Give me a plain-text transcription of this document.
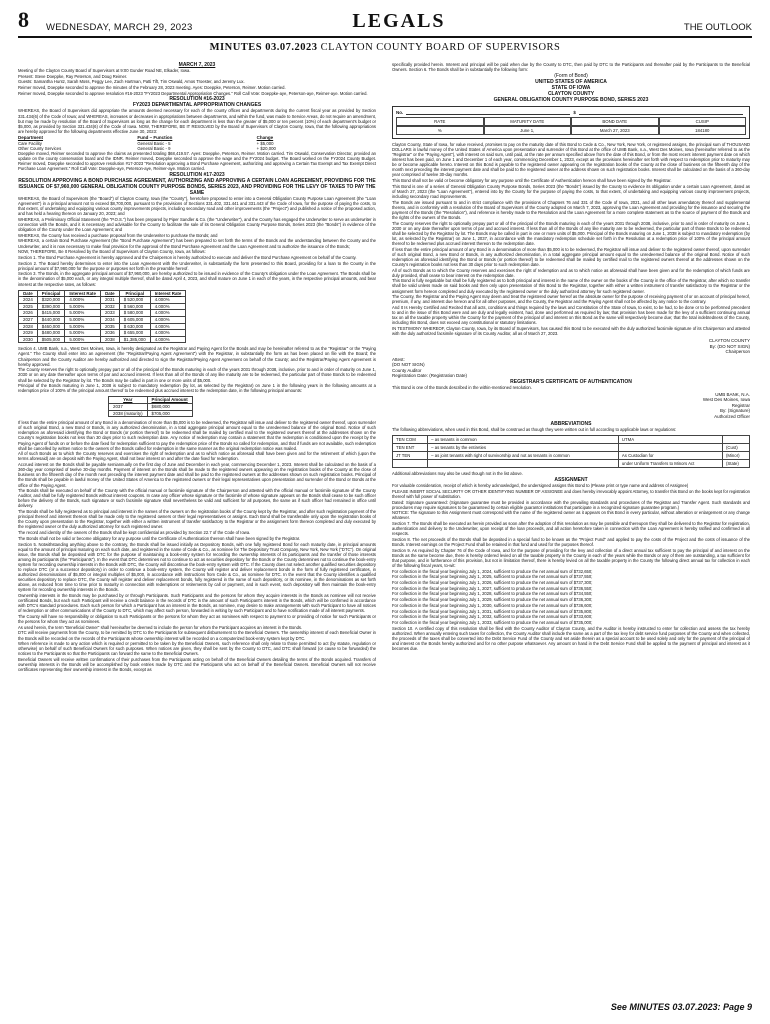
8	WEDNESDAY, MARCH 29, 2023	LEGALS	THE OUTLOOK
MINUTES 03.07.2023 CLAYTON COUNTY BOARD OF SUPERVISORS
MARCH 7, 2023

Meeting of the Clayton County Board of Supervisors at 9:00 Gunder Road NE, Elkader, Iowa.

Present: Steve Doeppke, Ray Peterson, and Doug Reimer.

Guests: Samantha Huntz, Sarah Moss, Peggy Lee, Zach Hartman, Patti Tift, Tim Oswald, Amos Troester, and Jeremy Lux.

Reimer moved, Doeppke seconded to approve the minutes of the February 28, 2023 meeting. Ayes: Doeppke, Peterson, Reimer. Motion carried.

Reimer moved, Doeppke seconded to approve resolution #16-2023 "FY2023 Departmental Appropriation Changes." Roll Call Vote: Doeppke-aye, Peterson-aye, Reimer-aye. Motion carried.

RESOLUTION #16-2023
FY2023 DEPARTMENTAL APPROPRIATION CHANGES

WHEREAS, the Board of Supervisors did appropriate the amounts deemed necessary for each of the county offices and departments during the current fiscal year as provided by Section 331.434(6) of the Code of Iowa; and WHEREAS, increases or decreases in appropriations between departments, and within the fund, was made to Service Areas, do not require an amendment, but may be made by resolution of the Board of Supervisors as long as the change for each department is less than the greater of $5,000 or ten percent (10%) of each department's budget or $5,000, as provided by Section 331.434(6) of the Code of Iowa. NOW, THEREFORE, BE IT RESOLVED by the Board of Supervisors of Clayton County, Iowa, that the following appropriations are hereby approved for the following departments effective June 30, 2023:

Department	Fund – Function	Change
Care Facility	General Basic - 5	+ $5,000
Other County Services	General Basic - 9	+ $20,000

Doeppke moved, Reimer seconded to approve the claims as presented totaling $68,419.57. Ayes: Doeppke, Peterson, Reimer. Motion carried. Tim Oswald, Conservation Director, provided an update on the county conservation board and the IDNR. Reimer moved, Doeppke seconded to approve the wage and the FY2024 budget. The Board worked on the FY2024 County Budget. Reimer moved, Doeppke seconded to approve resolution #17-2023 "Resolution approving a Bond Purchase Agreement, authorizing and approving a Certain Tax Exempt and Tax Exempt Direct Purchase Loan Agreement." Roll Call Vote: Doeppke-aye, Peterson-aye, Reimer-aye. Motion carried.

RESOLUTION #17-2023
RESOLUTION APPROVING A BOND PURCHASE AGREEMENT, AUTHORIZING AND APPROVING A CERTAIN LOAN AGREEMENT, PROVIDING FOR THE ISSUANCE OF $7,960,000 GENERAL OBLIGATION COUNTY PURPOSE BONDS, SERIES 2023, AND PROVIDING FOR THE LEVY OF TAXES TO PAY THE SAME

WHEREAS, the Board of Supervisors (the "Board") of Clayton County, Iowa (the "County"), heretofore proposed to enter into a General Obligation County Purpose Loan Agreement (the "Loan Agreement") in a principal amount not to exceed $8,700,000, pursuant to the provisions of Sections 331.402, 331.441 and 331.443 of the Code of Iowa, for the purpose of paying the costs, to that extent, of undertaking and equipping various county improvements projects, including secondary road and other improvements (the "Project") and published a notice of the proposed action, and has held a hearing thereon on January 20, 2023; and

WHEREAS, a Preliminary Official Statement (the "P.O.S.") has been prepared by Piper Sandler & Co. (the "Underwriter"), and the County has engaged the Underwriter to serve as underwriter in connection with the Bonds, and it is necessary and advisable for the County to facilitate the sale of its General Obligation County Purpose Bonds, Series 2023 (the "Bonds") in evidence of the obligation of the County under the Loan Agreement; and

WHEREAS, the County has received a purchase proposal from the Underwriter to purchase the Bonds; and

WHEREAS, a certain Bond Purchase Agreement (the "Bond Purchase Agreement") has been prepared to set forth the terms of the Bonds and the understanding between the County and the Underwriter, and it is now necessary to make final provision for the approval of the Bond Purchase Agreement and the Loan Agreement and to authorize the issuance of the Bonds;

NOW, THEREFORE, Be It Resolved by the Board of Supervisors of Clayton County, Iowa, as follows:

Section 1. The Bond Purchase Agreement is hereby approved and the Chairperson is hereby authorized to execute and deliver the Bond Purchase Agreement on behalf of the County.

Section 2. The Board hereby determines to enter into the Loan Agreement with the Underwriter, in substantially the form presented to this Board, providing for a loan to the County in the principal amount of $7,960,000 for the purpose or purposes set forth in the preamble hereof.

Section 3. The Bonds, in the aggregate principal amount of $7,960,000, are hereby authorized to be issued in evidence of the County's obligation under the Loan Agreement. The Bonds shall be in the denomination of $5,000 each, or any integral multiple thereof, shall be dated April 4, 2023, and shall mature on June 1 in each of the years, in the respective principal amounts, and bear interest at the respective rates, as follows:

Date	Principal	Interest Rate	Date	Principal	Interest Rate
2024	$320,000	4.000%	2031	$ 520,000	4.000%
2025	$390,000	5.000%	2032	$ 560,000	4.000%
2026	$415,000	5.000%	2033	$ 580,000	4.000%
2027	$440,000	5.000%	2034	$ 605,000	4.000%
2028	$460,000	5.000%	2035	$ 630,000	4.000%
2029	$480,000	5.000%	2036	$ 655,000	4.000%
2030	$505,000	5.000%	2038	$1,385,000	4.000%

Section 4. UMB Bank, n.a., West Des Moines, Iowa, is hereby designated as the Registrar and Paying Agent for the Bonds and may be hereinafter referred to as the "Registrar" or the "Paying Agent." The County shall enter into an agreement (the "Registrar/Paying Agent Agreement") with the Registrar, in substantially the form as has been placed on file with the Board; the Chairperson and the County Auditor are hereby authorized and directed to sign the Registrar/Paying Agent Agreement on behalf of the County; and the Registrar/Paying Agent Agreement is hereby approved.

The County reserves the right to optionally prepay part or all of the principal of the Bonds maturing in each of the years 2031 through 2038, inclusive, prior to and in order of maturity on June 1, 2030 or on any date thereafter upon terms of par and accrued interest. If less than all of the Bonds of any like maturity are to be redeemed, the particular part of those Bonds to be redeemed shall be selected by the Registrar by lot. The Bonds may be called in part in one or more units of $5,000.

Principal of the Bonds maturing in June 1, 2038 is subject to mandatory redemption (by lot, as selected by the Registrar) on June 1 in the following years in the following amounts at a redemption price of 100% of the principal amount thereof to be redeemed plus accrued interest to the redemption date, in the following principal amounts:

Year	Principal Amount
2037	$680,000
2038 (maturity)	$705,000

If less than the entire principal amount of any Bond in a denomination of more than $5,000 is to be redeemed, the Registrar will issue and deliver to the registered owner thereof, upon surrender of such original Bond, a new Bond or Bonds, in any authorized denomination, in a total aggregate principal amount equal to the unredeemed balance of the original Bond. Notice of such redemption as aforesaid identifying the Bond or Bonds (or portion thereof) to be redeemed shall be mailed by certified mail to the registered owners thereof at the addresses shown on the County's registration books not less than 30 days prior to such redemption date. Any notice of redemption may contain a statement that the redemption is conditioned upon the receipt by the Paying Agent of funds on or before the date fixed for redemption sufficient to pay the redemption price of the Bonds so called for redemption, and that if funds are not available, such redemption shall be cancelled by written notice to the owners of the Bonds called for redemption in the same manner as the original redemption notice was mailed.

All of such Bonds as to which the County reserves and exercises the right of redemption and as to which notice as aforesaid shall have been given and for the retirement of which (upon the terms aforesaid) are on deposit with the Paying Agent, shall not bear interest on and after the date fixed for redemption.

Accrued interest on the Bonds shall be payable semiannually on the first day of June and December in each year, commencing December 1, 2023. Interest shall be calculated on the basis of a 360-day year comprised of twelve 30-day months. Payment of interest on the Bonds shall be made to the registered owners appearing on the registration books of the County at the close of business on the fifteenth day of the month next preceding the interest payment date and shall be paid to the registered owners at the addresses shown on such registration books. Principal of the Bonds shall be payable in lawful money of the United States of America to the registered owners or their legal representatives upon presentation and surrender of the Bond or Bonds at the office of the Paying Agent.

The Bonds shall be executed on behalf of the County with the official manual or facsimile signature of the Chairperson and attested with the official manual or facsimile signature of the County Auditor, and shall be fully registered Bonds without interest coupons. In case any officer whose signature or the facsimile of whose signature appears on the Bonds shall cease to be such officer before the delivery of the Bonds, such signature or such facsimile signature shall nevertheless be valid and sufficient for all purposes, the same as if such officer had remained in office until delivery.

The Bonds shall be fully registered as to principal and interest in the names of the owners on the registration books of the County kept by the Registrar, and after such registration payment of the principal thereof and interest thereon shall be made only to the registered owners or their legal representatives or assigns. Each Bond shall be transferable only upon the registration books of the County upon presentation to the Registrar, together with either a written instrument of transfer satisfactory to the Registrar or the assignment form thereon completed and duly executed by the registered owner or the duly authorized attorney for such registered owner.

The record and identity of the owners of the Bonds shall be kept confidential as provided by Section 22.7 of the Code of Iowa.

The Bonds shall not be valid or become obligatory for any purpose until the Certificate of Authentication thereon shall have been signed by the Registrar.

Section 5. Notwithstanding anything above to the contrary, the Bonds shall be issued initially as Depository Bonds, with one fully registered Bond for each maturity date, in principal amounts equal to the amount of principal maturing on each such date, and registered in the name of Cede & Co., as nominee for The Depository Trust Company, New York, New York ("DTC"). On original issue, the Bonds shall be deposited with DTC for the purpose of maintaining a book-entry system for recording the ownership interests of its participants and the transfer of those interests among its participants (the "Participants"). In the event that DTC determines not to continue to act as securities depository for the Bonds or the County determines not to continue the book-entry system for recording ownership interests in the Bonds with DTC, the County will discontinue the book-entry system with DTC. If the County does not select another qualified securities depository to replace DTC (or a successor depository) in order to continue a book-entry system, the County will register and deliver replacement bonds in the form of fully registered certificates, in authorized denominations of $5,000 or integral multiples of $5,000, in accordance with instructions from Cede & Co., as nominee for DTC. In the event that the County identifies a qualified securities depository to replace DTC, the County will register and deliver replacement bonds, fully registered in the name of such depository, or its nominee, in the denominations as set forth above, as reduced from time to time prior to maturity in connection with redemptions or retirements by call or payment, and in such event, such depository will then maintain the book-entry system for recording ownership interests in the Bonds.

Ownership interests in the Bonds may be purchased by or through Participants. Such Participants and the persons for whom they acquire interests in the Bonds as nominee will not receive certificated Bonds, but each such Participant will receive a credit balance in the records of DTC in the amount of such Participant's interest in the Bonds, which will be confirmed in accordance with DTC's standard procedures. Each such person for which a Participant has an interest in the Bonds, as nominee, may desire to make arrangements with such Participant to have all notices of redemption or other communications of the County to DTC, which may affect such person, forwarded in writing by such Participant and to have notification made of all interest payments.

The County will have no responsibility or obligation to such Participants or the persons for whom they act as nominees with respect to payment to or providing of notice for such Participants or the persons for whom they act as nominees.

As used herein, the term "Beneficial Owner" shall hereinafter be deemed to include the person for whom the Participant acquires an interest in the Bonds.

DTC will receive payments from the County, to be remitted by DTC to the Participants for subsequent disbursement to the Beneficial Owners. The ownership interest of each Beneficial Owner in the Bonds will be recorded on the records of the Participants whose ownership interest will be recorded on a computerized book-entry system kept by DTC.

When reference is made to any action which is required or permitted to be taken by the Beneficial Owners, such reference shall only relate to those permitted to act (by statute, regulation or otherwise) on behalf of such Beneficial Owners for such purposes. When notices are given, they shall be sent by the County to DTC, and DTC shall forward (or cause to be forwarded) the notices to the Participants so that the Participants can forward the same to the Beneficial Owners.

Beneficial Owners will receive written confirmations of their purchases from the Participants acting on behalf of the Beneficial Owners detailing the terms of the Bonds acquired. Transfers of ownership interests in the Bonds will be accomplished by book entries made by DTC and the Participants who act on behalf of the Beneficial Owners. Beneficial Owners will not receive certificates representing their ownership interest in the Bonds, except as

specifically provided herein. Interest and principal will be paid when due by the County to DTC, then paid by DTC to the Participants and thereafter paid by the Participants to the Beneficial Owners. Section 6. The Bonds shall be in substantially the following form:

(Form of Bond)
UNITED STATES OF AMERICA
STATE OF IOWA
CLAYTON COUNTY
GENERAL OBLIGATION COUNTY PURPOSE BOND, SERIES 2023
No.	$
RATE	MATURITY DATE	BOND DATE	CUSIP
%	June 1,	March 27, 2023	184180

Clayton County, State of Iowa, for value received, promises to pay on the maturity date of this Bond to Cede & Co., New York, New York, or registered assigns, the principal sum of THOUSAND DOLLARS in lawful money of the United States of America upon presentation and surrender of this Bond at the office of UMB Bank, n.a., West Des Moines, Iowa (hereinafter referred to as the "Registrar" or the "Paying Agent"), with interest on said sum, until paid, at the rate per annum specified above from the date of this Bond, or from the most recent interest payment date on which interest has been paid, on June 1 and December 1 of each year, commencing December 1, 2023, except as the provisions hereinafter set forth with respect to redemption prior to maturity may be or become applicable hereto. Interest on this Bond is payable to the registered owner appearing on the registration books of the County at the close of business on the fifteenth day of the month next preceding the interest payment date and shall be paid to the registered owner at the address shown on such registration books. Interest shall be calculated on the basis of a 360-day year comprised of twelve 30-day months.

This Bond shall not be valid or become obligatory for any purpose until the Certificate of Authentication hereon shall have been signed by the Registrar.

This Bond is one of a series of General Obligation County Purpose Bonds, Series 2023 (the "Bonds") issued by the County to evidence its obligation under a certain Loan Agreement, dated as of March 27, 2023 (the "Loan Agreement"), entered into by the County for the purpose of paying the costs, to that extent, of undertaking and equipping various county improvement projects, including secondary road improvements.

The Bonds are issued pursuant to and in strict compliance with the provisions of Chapters 76 and 331 of the Code of Iowa, 2021, and all other laws amendatory thereof and supplemental thereto, and in conformity with a resolution of the Board of Supervisors of the County adopted on March 7, 2023, approving the Loan Agreement and providing for the issuance and securing the payment of the Bonds (the "Resolution"), and reference is hereby made to the Resolution and the Loan Agreement for a more complete statement as to the source of payment of the Bonds and the rights of the owners of the Bonds.

The County reserves the right to optionally prepay part or all of the principal of the Bonds maturing in each of the years 2031 through 2038, inclusive, prior to and in order of maturity on June 1, 2030 or on any date thereafter upon terms of par and accrued interest. If less than all of the Bonds of any like maturity are to be redeemed, the particular part of those Bonds to be redeemed shall be selected by the Registrar by lot. The Bonds may be called in part in one or more units of $5,000. Principal of the Bonds maturing on June 1, 2038 is subject to mandatory redemption (by lot, as selected by the Registrar) on June 1, 2037, in accordance with the mandatory redemption schedule set forth in the Resolution at a redemption price of 100% of the principal amount thereof to be redeemed plus accrued interest thereon to the redemption date.

If less than the entire principal amount of any Bond in a denomination of more than $5,000 is to be redeemed, the Registrar will issue and deliver to the registered owner thereof, upon surrender of such original Bond, a new Bond or Bonds, in any authorized denomination, in a total aggregate principal amount equal to the unredeemed balance of the original Bond. Notice of such redemption as aforesaid identifying the Bond or Bonds (or portion thereof) to be redeemed shall be mailed by certified mail to the registered owners thereof at the addresses shown on the County's registration books not less than 30 days prior to such redemption date.

All of such Bonds as to which the County reserves and exercises the right of redemption and as to which notice as aforesaid shall have been given and for the redemption of which funds are duly provided, shall cease to bear interest on the redemption date.

This Bond is fully negotiable but shall be fully registered as to both principal and interest in the name of the owner on the books of the County in the office of the Registrar, after which no transfer shall be valid unless made on said books and then only upon presentation of this Bond to the Registrar, together with either a written instrument of transfer satisfactory to the Registrar or the assignment form hereon completed and duly executed by the registered owner or the duly authorized attorney for such registered owner.

The County, the Registrar and the Paying Agent may deem and treat the registered owner hereof as the absolute owner for the purpose of receiving payment of or on account of principal hereof, premium, if any, and interest due hereon and for all other purposes, and the County, the Registrar and the Paying Agent shall not be affected by any notice to the contrary.

And It Is Hereby Certified and Recited that all acts, conditions and things required by the laws and Constitution of the State of Iowa, to exist, to be had, to be done or to be performed precedent to and in the issue of this Bond were and are duly and legally existent, had, done and performed as required by law; that provision has been made for the levy of a sufficient continuing annual tax on all the taxable property within the County for the payment of the principal of and interest on this Bond as the same will respectively become due; that the total indebtedness of the County, including this Bond, does not exceed any constitutional or statutory limitations.

IN TESTIMONY WHEREOF, Clayton County, Iowa, by its Board of Supervisors, has caused this Bond to be executed with the duly authorized facsimile signature of its Chairperson and attested with the duly authorized facsimile signature of its County Auditor, all as of March 27, 2023.

CLAYTON COUNTY
By: (DO NOT SIGN)
Chairperson
Attest:
(DO NOT SIGN)
County Auditor
Registration Date: (Registration Date)
REGISTRAR'S CERTIFICATE OF AUTHENTICATION

This Bond is one of the Bonds described in the within-mentioned resolution.

UMB BANK, N.A.
West Des Moines, Iowa
Registrar
By: (Signature)
Authorized Officer
ABBREVIATIONS

The following abbreviations, when used in this Bond, shall be construed as though they were written out in full according to applicable laws or regulations:

TEN COM	– as tenants in common	UTMA	
TEN ENT	– as tenants by the entireties		(Cust)
JT TEN	– as joint tenants with right of survivorship and not as tenants in common	As Custodian for	(Minor)
		under Uniform Transfers to Minors Act	(State)

Additional abbreviations may also be used though not in the list above.

ASSIGNMENT

For valuable consideration, receipt of which is hereby acknowledged, the undersigned assigns this Bond to (Please print or type name and address of Assignee)

PLEASE INSERT SOCIAL SECURITY OR OTHER IDENTIFYING NUMBER OF ASSIGNEE and does hereby irrevocably appoint Attorney, to transfer this Bond on the books kept for registration thereof with full power of substitution.

Dated: Signature guaranteed: (Signature guarantee must be provided in accordance with the prevailing standards and procedures of the Registrar and Transfer Agent. Such standards and procedures may require signatures to be guaranteed by certain eligible guarantor institutions that participate in a recognized signature guarantee program.)

NOTICE: The signature to this Assignment must correspond with the name of the registered owner as it appears on this Bond in every particular, without alteration or enlargement or any change whatever.

Section 7. The Bonds shall be executed as herein provided as soon after the adoption of this resolution as may be possible and thereupon they shall be delivered to the Registrar for registration, authentication and delivery to the Underwriter, upon receipt of the loan proceeds, and all action heretofore taken in connection with the Loan Agreement is hereby ratified and confirmed in all respects.

Section 8. The net proceeds of the Bonds shall be deposited in a special fund to be known as the "Project Fund" and applied to pay the costs of the Project and the costs of issuance of the Bonds. Interest earnings on the Project Fund shall be retained in that fund and used for the purposes thereof.

Section 9. As required by Chapter 76 of the Code of Iowa, and for the purpose of providing for the levy and collection of a direct annual tax sufficient to pay the principal of and interest on the Bonds as the same become due, there is hereby ordered levied on all the taxable property in the County in each of the years while the Bonds or any of them are outstanding, a tax sufficient for that purpose, and in furtherance of this provision, but not in limitation thereof, there is hereby levied on all the taxable property in the County the following direct annual tax for collection in each of the following fiscal years, to-wit:

For collection in the fiscal year beginning July 1, 2024, sufficient to produce the net annual sum of $732,650;

For collection in the fiscal year beginning July 1, 2025, sufficient to produce the net annual sum of $737,550;

For collection in the fiscal year beginning July 1, 2026, sufficient to produce the net annual sum of $737,300;

For collection in the fiscal year beginning July 1, 2027, sufficient to produce the net annual sum of $736,550;

For collection in the fiscal year beginning July 1, 2028, sufficient to produce the net annual sum of $734,550;

For collection in the fiscal year beginning July 1, 2029, sufficient to produce the net annual sum of $736,300;

For collection in the fiscal year beginning July 1, 2030, sufficient to produce the net annual sum of $736,600;

For collection in the fiscal year beginning July 1, 2031, sufficient to produce the net annual sum of $735,800;

For collection in the fiscal year beginning July 1, 2032, sufficient to produce the net annual sum of $733,600;

For collection in the fiscal year beginning July 1, 2033, sufficient to produce the net annual sum of $735,000;

Section 10. A certified copy of this resolution shall be filed with the County Auditor of Clayton County, and the Auditor is hereby instructed to enter for collection and assess the tax hereby authorized. When annually entering such taxes for collection, the County Auditor shall include the same as a part of the tax levy for debt service fund purposes of the County and when collected, the proceeds of the taxes shall be converted into the Debt Service Fund of the County and set aside therein as a special account to be used solely and only for the payment of the principal of and interest on the Bonds hereby authorized and for no other purpose whatsoever. Any amount on hand in the Debt Service Fund shall be applied to the payment of principal and interest as it becomes due.

See MINUTES 03.07.2023: Page 9
